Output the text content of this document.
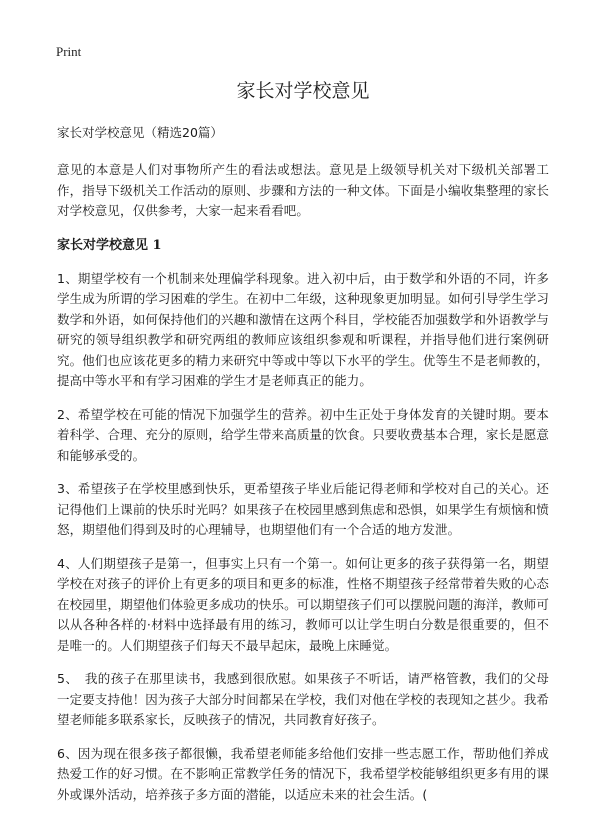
Print
家长对学校意见
家长对学校意见（精选20篇）

意见的本意是人们对事物所产生的看法或想法。意见是上级领导机关对下级机关部署工作，指导下级机关工作活动的原则、步骤和方法的一种文体。下面是小编收集整理的家长对学校意见，仅供参考，大家一起来看看吧。

家长对学校意见 1

1、期望学校有一个机制来处理偏学科现象。进入初中后，由于数学和外语的不同，许多学生成为所谓的学习困难的学生。在初中二年级，这种现象更加明显。如何引导学生学习数学和外语，如何保持他们的兴趣和激情在这两个科目，学校能否加强数学和外语教学与研究的领导组织教学和研究两组的教师应该组织参观和听课程，并指导他们进行案例研究。他们也应该花更多的精力来研究中等或中等以下水平的学生。优等生不是老师教的，提高中等水平和有学习困难的学生才是老师真正的能力。

2、希望学校在可能的情况下加强学生的营养。初中生正处于身体发育的关键时期。要本着科学、合理、充分的原则，给学生带来高质量的饮食。只要收费基本合理，家长是愿意和能够承受的。

3、希望孩子在学校里感到快乐，更希望孩子毕业后能记得老师和学校对自己的关心。还记得他们上课前的快乐时光吗？如果孩子在校园里感到焦虑和恐惧，如果学生有烦恼和愤怒，期望他们得到及时的心理辅导，也期望他们有一个合适的地方发泄。

4、人们期望孩子是第一，但事实上只有一个第一。如何让更多的孩子获得第一名，期望学校在对孩子的评价上有更多的项目和更多的标准，性格不期望孩子经常带着失败的心态在校园里，期望他们体验更多成功的快乐。可以期望孩子们可以摆脱问题的海洋，教师可以从各种各样的·材料中选择最有用的练习，教师可以让学生明白分数是很重要的，但不是唯一的。人们期望孩子们每天不最早起床，最晚上床睡觉。

5、　我的孩子在那里读书，我感到很欣慰。如果孩子不听话，请严格管教，我们的父母一定要支持他！因为孩子大部分时间都呆在学校，我们对他在学校的表现知之甚少。我希望老师能多联系家长，反映孩子的情况，共同教育好孩子。

6、因为现在很多孩子都很懒，我希望老师能多给他们安排一些志愿工作，帮助他们养成热爱工作的好习惯。在不影响正常教学任务的情况下，我希望学校能够组织更多有用的课外或课外活动，培养孩子多方面的潜能，以适应未来的社会生活。(
